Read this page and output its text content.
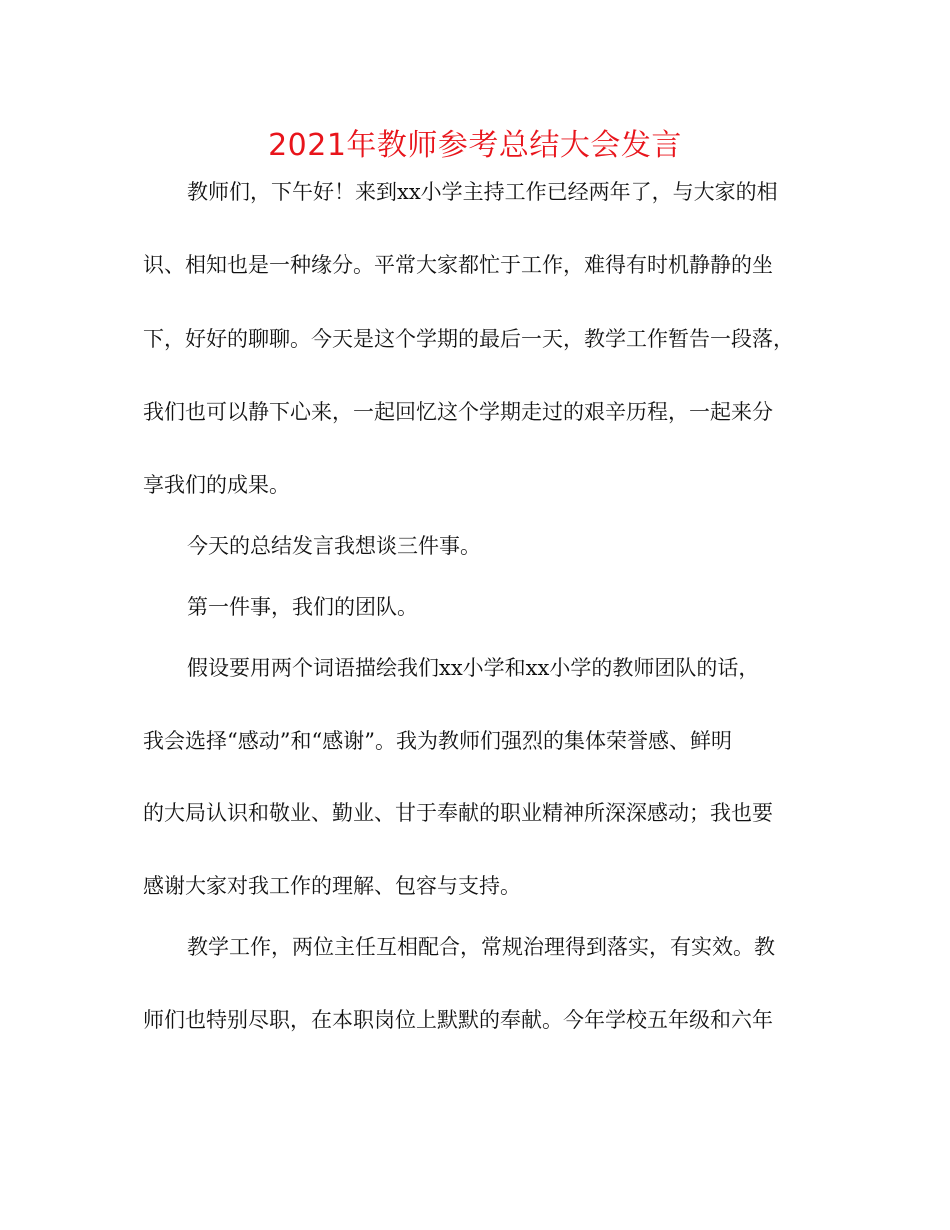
2021年教师参考总结大会发言
教师们，下午好！来到xx小学主持工作已经两年了，与大家的相
识、相知也是一种缘分。平常大家都忙于工作，难得有时机静静的坐
下，好好的聊聊。今天是这个学期的最后一天，教学工作暂告一段落，
我们也可以静下心来，一起回忆这个学期走过的艰辛历程，一起来分
享我们的成果。
今天的总结发言我想谈三件事。
第一件事，我们的团队。
假设要用两个词语描绘我们xx小学和xx小学的教师团队的话，
我会选择“感动”和“感谢”。我为教师们强烈的集体荣誉感、鲜明
的大局认识和敬业、勤业、甘于奉献的职业精神所深深感动；我也要
感谢大家对我工作的理解、包容与支持。
教学工作，两位主任互相配合，常规治理得到落实，有实效。教
师们也特别尽职，在本职岗位上默默的奉献。今年学校五年级和六年
